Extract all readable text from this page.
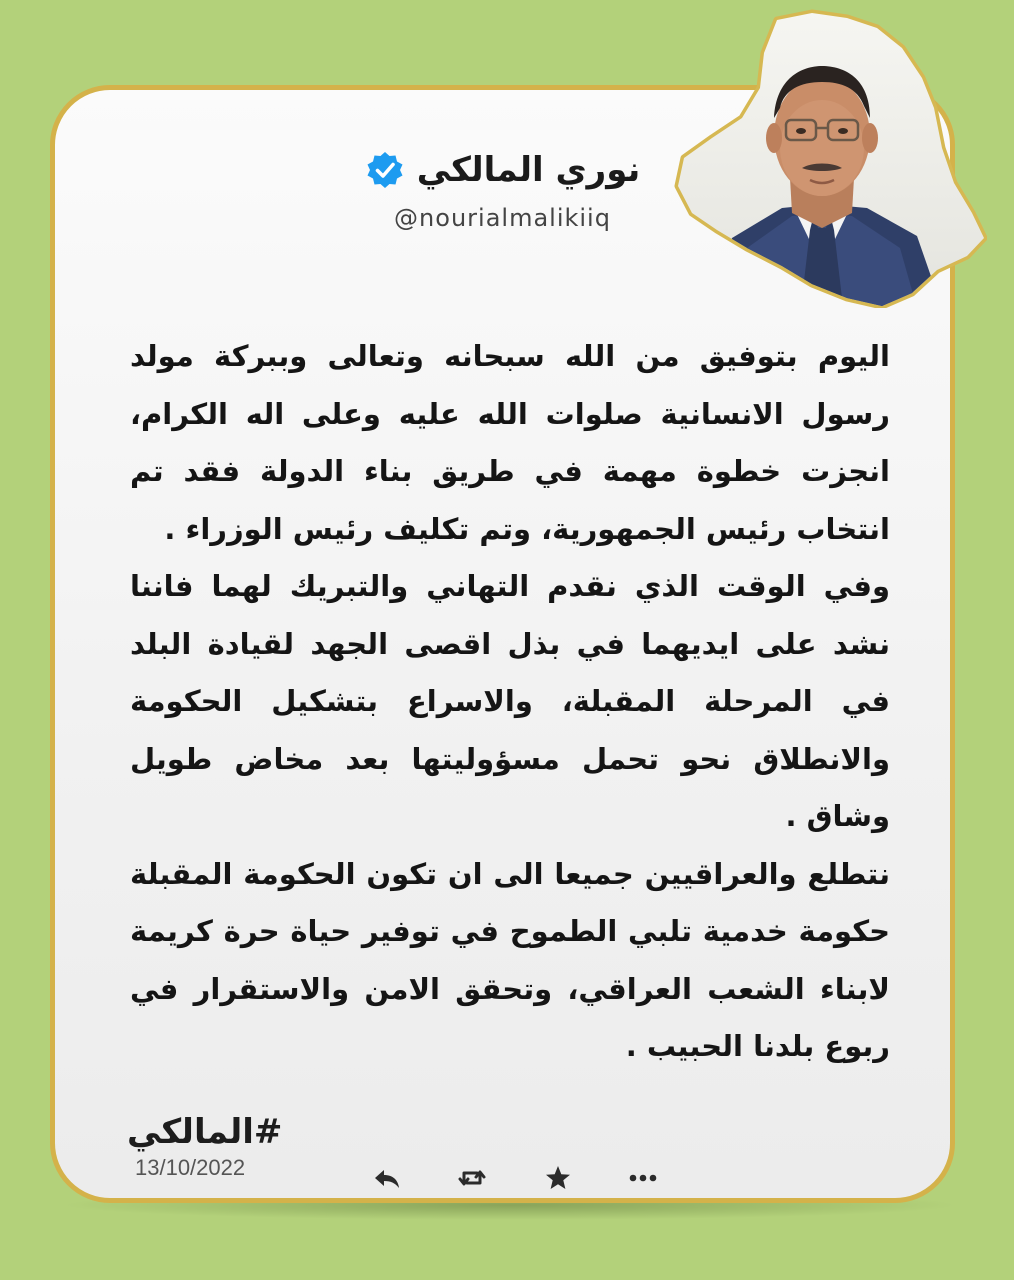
نوري المالكي
@nourialmalikiiq

اليوم بتوفيق من الله سبحانه وتعالى وببركة مولد رسول الانسانية صلوات الله عليه وعلى اله الكرام، انجزت خطوة مهمة في طريق بناء الدولة فقد تم انتخاب رئيس الجمهورية، وتم تكليف رئيس الوزراء .

وفي الوقت الذي نقدم التهاني والتبريك لهما فاننا نشد على ايديهما في بذل اقصى الجهد لقيادة البلد في المرحلة المقبلة، والاسراع بتشكيل الحكومة والانطلاق نحو تحمل مسؤوليتها بعد مخاض طويل وشاق .

نتطلع والعراقيين جميعا الى ان تكون الحكومة المقبلة حكومة خدمية تلبي الطموح في توفير حياة حرة كريمة لابناء الشعب العراقي، وتحقق الامن والاستقرار في ربوع بلدنا الحبيب .

#المالكي
13/10/2022
